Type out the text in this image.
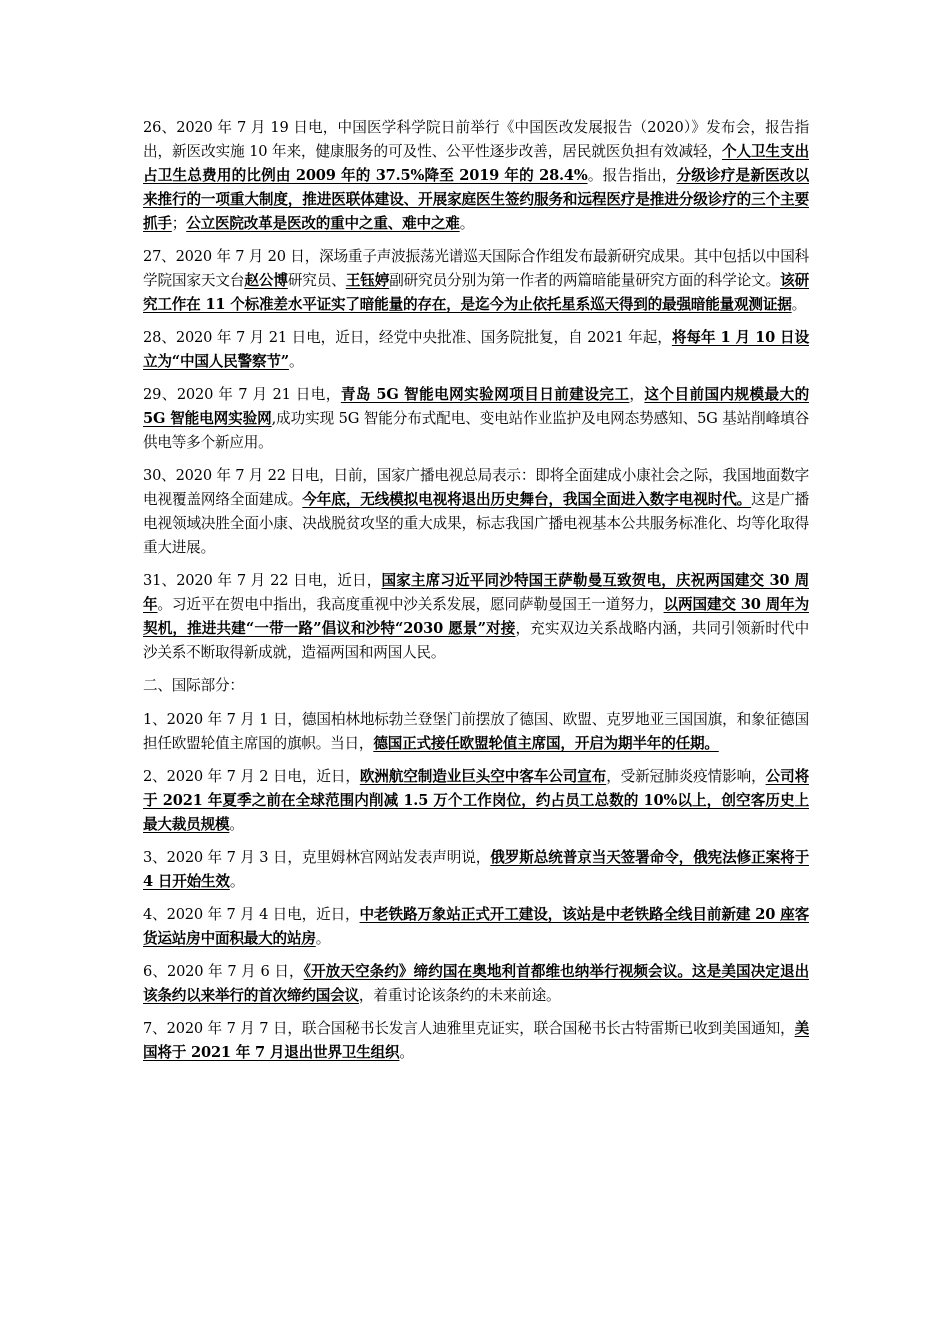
26、2020 年 7 月 19 日电，中国医学科学院日前举行《中国医改发展报告（2020）》发布会，报告指出，新医改实施 10 年来，健康服务的可及性、公平性逐步改善，居民就医负担有效减轻，个人卫生支出占卫生总费用的比例由 2009 年的 37.5%降至 2019 年的 28.4%。报告指出，分级诊疗是新医改以来推行的一项重大制度，推进医联体建设、开展家庭医生签约服务和远程医疗是推进分级诊疗的三个主要抓手；公立医院改革是医改的重中之重、难中之难。

27、2020 年 7 月 20 日，深场重子声波振荡光谱巡天国际合作组发布最新研究成果。其中包括以中国科学院国家天文台赵公博研究员、王钰婷副研究员分别为第一作者的两篇暗能量研究方面的科学论文。该研究工作在 11 个标准差水平证实了暗能量的存在，是迄今为止依托星系巡天得到的最强暗能量观测证据。

28、2020 年 7 月 21 日电，近日，经党中央批准、国务院批复，自 2021 年起，将每年 1 月 10 日设立为“中国人民警察节”。

29、2020 年 7 月 21 日电，青岛 5G 智能电网实验网项目日前建设完工，这个目前国内规模最大的 5G 智能电网实验网,成功实现 5G 智能分布式配电、变电站作业监护及电网态势感知、5G 基站削峰填谷供电等多个新应用。

30、2020 年 7 月 22 日电，日前，国家广播电视总局表示：即将全面建成小康社会之际，我国地面数字电视覆盖网络全面建成。今年底，无线模拟电视将退出历史舞台，我国全面进入数字电视时代。这是广播电视领域决胜全面小康、决战脱贫攻坚的重大成果，标志我国广播电视基本公共服务标准化、均等化取得重大进展。

31、2020 年 7 月 22 日电，近日，国家主席习近平同沙特国王萨勒曼互致贺电，庆祝两国建交 30 周年。习近平在贺电中指出，我高度重视中沙关系发展，愿同萨勒曼国王一道努力，以两国建交 30 周年为契机，推进共建“一带一路”倡议和沙特“2030 愿景”对接，充实双边关系战略内涵，共同引领新时代中沙关系不断取得新成就，造福两国和两国人民。

二、国际部分：

1、2020 年 7 月 1 日，德国柏林地标勃兰登堡门前摆放了德国、欧盟、克罗地亚三国国旗，和象征德国担任欧盟轮值主席国的旗帜。当日，德国正式接任欧盟轮值主席国，开启为期半年的任期。

2、2020 年 7 月 2 日电，近日，欧洲航空制造业巨头空中客车公司宣布，受新冠肺炎疫情影响，公司将于 2021 年夏季之前在全球范围内削减 1.5 万个工作岗位，约占员工总数的 10%以上，创空客历史上最大裁员规模。

3、2020 年 7 月 3 日，克里姆林宫网站发表声明说，俄罗斯总统普京当天签署命令，俄宪法修正案将于 4 日开始生效。

4、2020 年 7 月 4 日电，近日，中老铁路万象站正式开工建设，该站是中老铁路全线目前新建 20 座客货运站房中面积最大的站房。

6、2020 年 7 月 6 日，《开放天空条约》缔约国在奥地利首都维也纳举行视频会议。这是美国决定退出该条约以来举行的首次缔约国会议，着重讨论该条约的未来前途。

7、2020 年 7 月 7 日，联合国秘书长发言人迪雅里克证实，联合国秘书长古特雷斯已收到美国通知，美国将于 2021 年 7 月退出世界卫生组织。
